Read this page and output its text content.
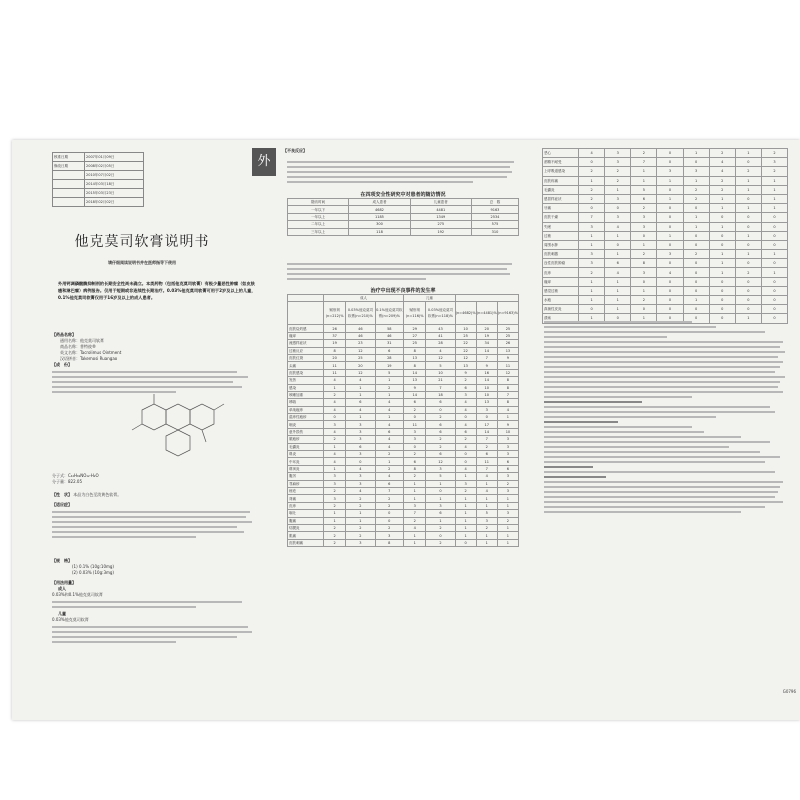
核准日期	2007年01月09日
修改日期	2008年02月05日
	2010年07月02日
	2014年03月18日
	2015年03月23日
	2018年02月02日
他克莫司软膏说明书
请仔细阅读说明书并在医师指导下使用
外用钙调磷酸酶抑制剂的长期安全性尚未确立。本类药物（包括他克莫司软膏）有极少量恶性肿瘤（如皮肤癌和淋巴瘤）病例报告。仅用于短期或非连续性长期治疗。0.03%他克莫司软膏可用于2岁及以上的儿童，0.1%他克莫司软膏仅用于16岁及以上的成人患者。
【药品名称】
通用名称：他克莫司软膏
商品名称：普特彼®
英文名称：Tacrolimus Ointment
汉语拼音：Takemosi Ruangao
【成　份】
分子式：C₄₄H₆₉NO₁₂·H₂O
分子量：822.05
【性　状】 本品为白色至淡黄色软膏。
【适应症】
【规　格】
(1) 0.1% (10g:10mg)
(2) 0.03% (10g:3mg)
【用法用量】
成人
0.03%和0.1%他克莫司软膏
儿童
0.03%他克莫司软膏
外
【不良反应】
在四项安全性研究中对患者的随访情况
随访时间	成人患者	儿童患者	总　数
一年以下	4682	4481	9163
一年以上	1185	1349	2534
二年以上	300	275	575
三年以上	118	192	310
治疗中出现不良事件的发生率
	成人			儿童				
	赋形剂(n=212)%	0.03%他克莫司软膏(n=210)%	0.1%他克莫司软膏(n=209)%	赋形剂(n=116)%	0.03%他克莫司软膏(n=118)%	(n=4682)%	(n=4481)%	(n=9163)%
皮肤烧灼感	26	46	58	29	43	10	20	25
瘙痒	37	46	46	27	41	25	19	25
流感样症状	19	23	31	25	28	22	34	26
过敏反应	8	12	6	8	4	22	14	13
皮肤红斑	20	25	28	13	12	12	7	9
头痛	11	20	19	8	5	13	9	11
皮肤感染	11	12	5	14	10	9	16	12
发热	4	4	1	13	21	2	14	8
感染	1	1	2	9	7	6	10	8
咳嗽加重	2	1	1	14	18	3	10	7
哮喘	4	6	4	6	6	4	13	8
单纯疱疹	4	4	4	2	0	4	3	4
湿疹性疱疹	0	1	1	0	2	0	0	1
咽炎	3	3	4	11	6	4	17	9
意外损伤	4	3	6	3	6	6	14	10
脓疱疹	2	3	4	3	2	2	7	3
毛囊炎	1	6	4	0	2	4	2	3
鼻炎	4	3	2	2	6	0	6	3
中耳炎	4	0	1	6	12	0	11	6
鼻窦炎	1	4	2	8	3	4	7	6
腹泻	3	3	4	2	5	1	4	3
荨麻疹	3	3	6	1	1	3	1	2
痤疮	2	4	7	1	0	2	4	3
背痛	3	2	2	1	1	1	1	1
皮疹	2	2	2	3	3	1	1	1
呕吐	1	1	0	7	6	1	5	3
腹痛	1	1	0	2	1	1	3	2
结膜炎	2	2	2	4	2	1	2	1
肌痛	2	2	3	1	0	1	1	1
皮肤刺痛	2	3	8	1	2	0	1	1
恶心	4	3	2	0	1	2	1	2
酒精不耐受	0	3	7	0	0	4	0	3
上呼吸道感染	2	2	1	3	3	4	2	2
皮肤疼痛	1	2	1	1	1	2	1	1
毛囊炎	2	1	5	0	2	2	1	1
感冒样症状	2	3	6	1	2	1	0	1
牙痛	0	0	2	0	0	1	1	1
皮肤干燥	7	3	3	0	1	0	0	0
失眠	3	4	3	0	1	1	0	0
过敏	1	1	0	1	0	0	1	0
周围水肿	1	0	1	0	0	0	0	0
皮肤刺激	3	1	2	3	2	1	1	1
良性皮肤肿瘤	3	6	8	0	0	1	0	0
皮疹	2	4	3	4	0	1	2	1
瘙痒	1	1	0	0	0	0	0	0
感觉过敏	1	1	1	0	0	0	0	0
水疱	1	1	2	0	1	0	0	0
真菌性皮炎	0	1	0	0	0	0	0	0
溃疡	1	0	1	0	0	0	1	0
G0796
